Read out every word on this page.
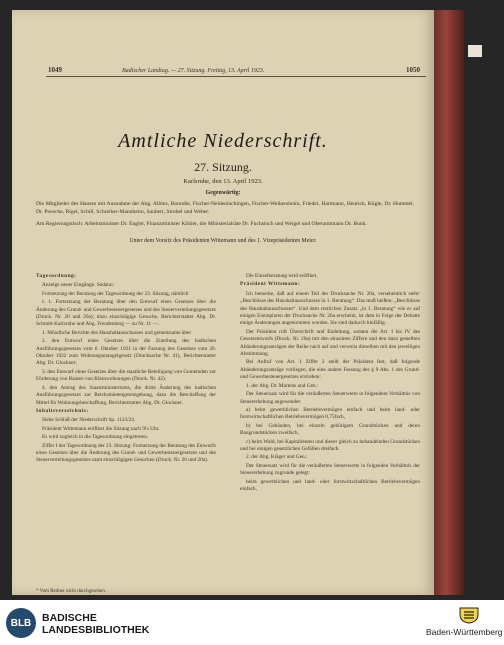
1049	Badischer Landtag. — 27. Sitzung. Freitag, 13. April 1923.	1050
Amtliche Niederschrift.
27. Sitzung.
Karlsruhe, den 13. April 1923.
Gegenwärtig:
Die Mitglieder des Hauses mit Ausnahme der Abg. Albiez, Bonndie, Fischer-Neidenlachingen, Fischer-Weikersheim, Friedel, Hartmann, Heurich, Kügle, Dr. Hummel, Dr. Poesche, Rigel, Schill, Schreiber-Mannheim, Saubert, Strobel und Weber.
Am Regierungstisch: Arbeitsminister Dr. Engler, Finanzminister Köhler, die Ministerialräte Dr. Fuchsloch und Weigel und Oberamtmann Dr. Bunk.
Unter dem Vorsitz des Präsidenten Wittemann und des 1. Vizepräsidenten Meier.

Tagesordnung:

Anzeige neuer Eingänge. Sodann:

Fortsetzung der Beratung der Tagesordnung der 23. Sitzung, nämlich

I. 1. Fortsetzung der Beratung über den Entwurf eines Gesetzes über die Änderung des Grund- und Gewerbesteuergesetzes und des Steuerverteilungsgesetzes (Druck. Nr. 20 und 20a); dazu einschlägige Gesuche, Berichterstatter Abg. Dr. Schmitt-Karlsruhe und Abg. Freudenberg — zu Nr. 11 —.

1. Mündliche Berichte des Haushaltausschusses und gemeinsame über

2. den Entwurf eines Gesetzes über die Zuteilung des badischen Ausführungsgesetzes vom 6. Oktober 1921 in der Fassung des Gesetzes vom 20. Oktober 1922 zum Wohnungsmangelgesetz (Drucksache Nr. 41), Berichterstatter Abg. Dr. Glockner;

3. den Entwurf eines Gesetzes über die staatliche Beteiligung von Gemeinden zur Förderung von Bauten von Kleinwohnungen (Druck. Nr. 42).

4. den Antrag des Staatsministeriums, die dritte Änderung des badischen Ausführungsgesetzes zur Reichsmietengesetzgebung, dazu die Beschaffung der Mittel für Wohnungsbeschaffung, Berichterstatter Abg. Dr. Glockner.

Inhaltsverzeichnis:

Siehe Schluß der Niederschrift Sp. 1123/24.

Präsident Wittemann eröffnet die Sitzung nach 9¼ Uhr.

Es wird zugleich in die Tagesordnung eingetreten.

Ziffer I der Tagesordnung der 23. Sitzung: Fortsetzung der Beratung des Entwurfs eines Gesetzes über die Änderung des Grund- und Gewerbesteuergesetzes und des Steuerverteilungsgesetzes samt einschlägigen Gesuchen (Druck. Nr. 20 und 20a).

* Vom Redner nicht durchgesehen.

Die Einzelberatung wird eröffnet.

Präsident Wittemann:

Ich bemerke, daß auf einem Teil der Drucksache Nr. 20a, versehentlich steht: „Beschlüsse des Haushaltausschusses in 1. Beratung“. Das muß heißen: „Beschlüsse des Haushaltausschusses“. Und dem restlichen Zusatz „in 1. Beratung“ wie er auf einigen Exemplaren der Drucksache Nr. 20a erscheint, ist dem in Folge der Debatte einige Änderungen angenommen worden. Sie sind dadurch hinfällig.

Der Präsident ruft Überschrift und Einleitung, sodann die Art. I bis IV des Gesetzentwurfs (Druck. Nr. 20a) mit den einzelnen Ziffern und den dazu gestellten Abänderungsanträgen der Reihe nach auf und verweist dieselben mit den jeweiligen Abstimmung.

Bei Aufruf von Art. 1 Ziffer 2 stellt der Präsident fest, daß folgende Abänderungsanträge vorliegen, die eine andere Fassung des § 9 Abs. 1 des Grund- und Gewerbesteuergesetzes erstreben:

1. der Abg. Dr. Martens und Gen.:

Der Steuersatz wird für die veräußerten Steuerwerte in folgendem Verhältnis von Steuererhebung angewendet:

a) beim gewerblichen Betriebsvermögen einfach und beim land- oder forstwirtschaftlichen Betriebsvermögen 0,75fach,

b) bei Gebäuden, bei einzeln gehörigem Grundstücken und deren Baugrundstücken zweifach,

c) beim Wald, bei Kapitalrenten und dieser gleich zu behandelnden Grundstücken und bei einigen gesetzlichen Gefällen dreifach.

2. der Abg. Kläger und Gen.:

Der Steuersatz wird für die veräußerten Steuerwerte in folgenden Verhältnis der Steuererhebung zugrunde gelegt:

beim gewerblichen und land- oder forstwirtschaftlichen Betriebsvermögen einfach,

BLB	BADISCHE
LANDESBIBLIOTHEK	Baden-Württemberg
